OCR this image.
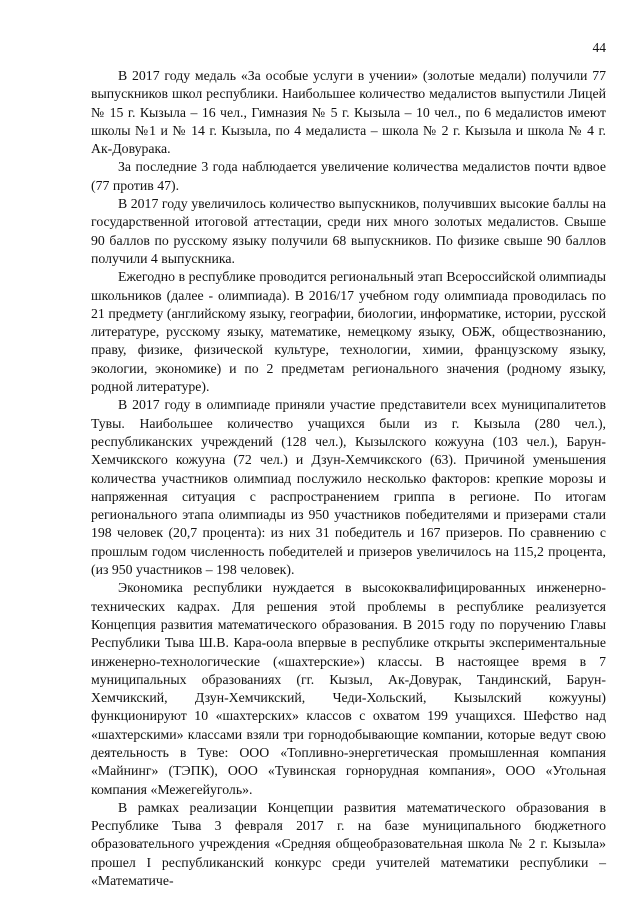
44

В 2017 году медаль «За особые услуги в учении» (золотые медали) получили 77 выпускников школ республики. Наибольшее количество медалистов выпустили Лицей № 15 г. Кызыла – 16 чел., Гимназия № 5 г. Кызыла – 10 чел., по 6 медалистов имеют школы №1 и № 14 г. Кызыла, по 4 медалиста – школа № 2 г. Кызыла и школа № 4 г. Ак-Довурака.

За последние 3 года наблюдается увеличение количества медалистов почти вдвое (77 против 47).

В 2017 году увеличилось количество выпускников, получивших высокие баллы на государственной итоговой аттестации, среди них много золотых медалистов. Свыше 90 баллов по русскому языку получили 68 выпускников. По физике свыше 90 баллов получили 4 выпускника.

Ежегодно в республике проводится региональный этап Всероссийской олимпиады школьников (далее - олимпиада). В 2016/17 учебном году олимпиада проводилась по 21 предмету (английскому языку, географии, биологии, информатике, истории, русской литературе, русскому языку, математике, немецкому языку, ОБЖ, обществознанию, праву, физике, физической культуре, технологии, химии, французскому языку, экологии, экономике) и по 2 предметам регионального значения (родному языку, родной литературе).

В 2017 году в олимпиаде приняли участие представители всех муниципалитетов Тувы. Наибольшее количество учащихся были из г. Кызыла (280 чел.), республиканских учреждений (128 чел.), Кызылского кожууна (103 чел.), Барун-Хемчикского кожууна (72 чел.) и Дзун-Хемчикского (63). Причиной уменьшения количества участников олимпиад послужило несколько факторов: крепкие морозы и напряженная ситуация с распространением гриппа в регионе. По итогам регионального этапа олимпиады из 950 участников победителями и призерами стали 198 человек (20,7 процента): из них 31 победитель и 167 призеров. По сравнению с прошлым годом численность победителей и призеров увеличилось на 115,2 процента, (из 950 участников – 198 человек).

Экономика республики нуждается в высококвалифицированных инженерно-технических кадрах. Для решения этой проблемы в республике реализуется Концепция развития математического образования. В 2015 году по поручению Главы Республики Тыва Ш.В. Кара-оола впервые в республике открыты экспериментальные инженерно-технологические («шахтерские») классы. В настоящее время в 7 муниципальных образованиях (гг. Кызыл, Ак-Довурак, Тандинский, Барун-Хемчикский, Дзун-Хемчикский, Чеди-Хольский, Кызылский кожууны) функционируют 10 «шахтерских» классов с охватом 199 учащихся. Шефство над «шахтерскими» классами взяли три горнодобывающие компании, которые ведут свою деятельность в Туве: ООО «Топливно-энергетическая промышленная компания «Майнинг» (ТЭПК), ООО «Тувинская горнорудная компания», ООО «Угольная компания «Межегейуголь».

В рамках реализации Концепции развития математического образования в Республике Тыва 3 февраля 2017 г. на базе муниципального бюджетного образовательного учреждения «Средняя общеобразовательная школа № 2 г. Кызыла» прошел I республиканский конкурс среди учителей математики республики – «Математиче-
